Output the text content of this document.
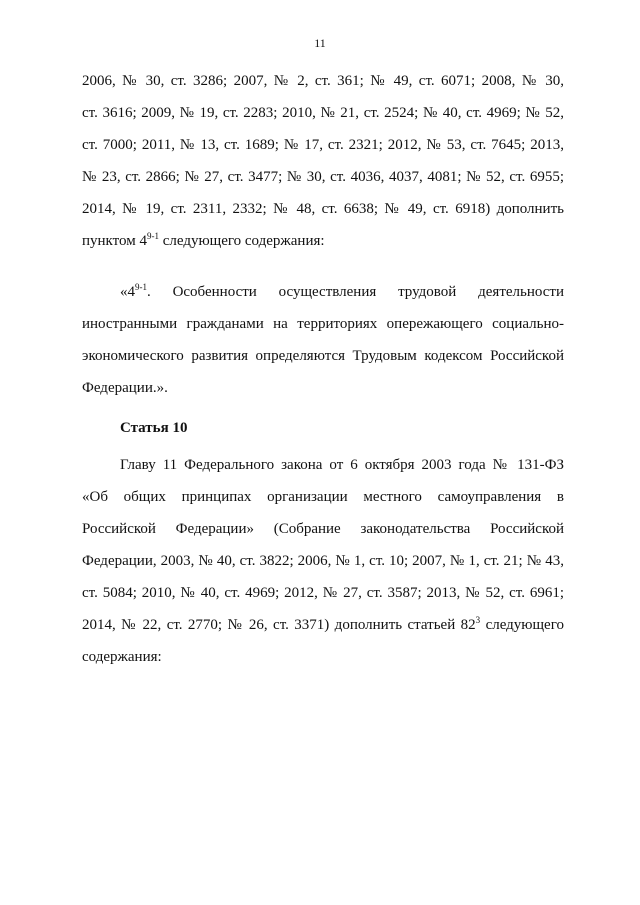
11
2006, № 30, ст. 3286; 2007, № 2, ст. 361; № 49, ст. 6071; 2008, № 30,
ст. 3616; 2009, № 19, ст. 2283; 2010, № 21, ст. 2524; № 40, ст. 4969; № 52,
ст. 7000; 2011, № 13, ст. 1689; № 17, ст. 2321; 2012, № 53, ст. 7645; 2013,
№ 23, ст. 2866; № 27, ст. 3477; № 30, ст. 4036, 4037, 4081; № 52, ст. 6955;
2014, № 19, ст. 2311, 2332; № 48, ст. 6638; № 49, ст. 6918) дополнить
пунктом 4$^{9-1}$ следующего содержания:
«4$^{9-1}$.     Особенности     осуществления     трудовой     деятельности
иностранными гражданами на территориях опережающего социально-
экономического развития определяются Трудовым кодексом Российской
Федерации.».
Статья 10
Главу 11 Федерального закона от 6 октября 2003 года № 131-ФЗ
«Об общих принципах организации местного самоуправления в
Российской Федерации» (Собрание законодательства Российской
Федерации, 2003, № 40, ст. 3822; 2006, № 1, ст. 10; 2007, № 1, ст. 21; № 43,
ст. 5084; 2010, № 40, ст. 4969; 2012, № 27, ст. 3587; 2013, № 52, ст. 6961;
2014, № 22, ст. 2770; № 26, ст. 3371) дополнить статьей $82^3$ следующего
содержания:
